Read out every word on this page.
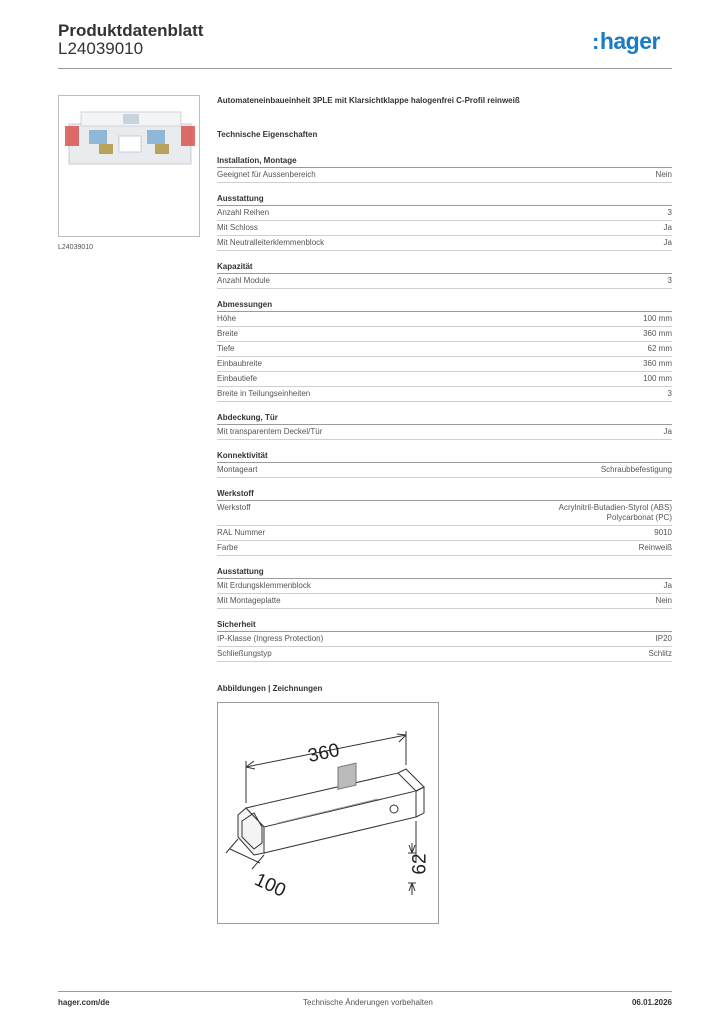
Produktdatenblatt
L24039010	:hager
L24039010
Automateneinbaueinheit 3PLE mit Klarsichtklappe halogenfrei C-Profil reinweiß
Technische Eigenschaften
Installation, Montage
Geeignet für Aussenbereich	Nein
Ausstattung
Anzahl Reihen	3
Mit Schloss	Ja
Mit Neutralleiterklemmenblock	Ja
Kapazität
Anzahl Module	3
Abmessungen
Höhe	100 mm
Breite	360 mm
Tiefe	62 mm
Einbaubreite	360 mm
Einbautiefe	100 mm
Breite in Teilungseinheiten	3
Abdeckung, Tür
Mit transparentem Deckel/Tür	Ja
Konnektivität
Montageart	Schraubbefestigung
Werkstoff
Werkstoff	Acrylnitril-Butadien-Styrol (ABS)
Polycarbonat (PC)
RAL Nummer	9010
Farbe	Reinweiß
Ausstattung
Mit Erdungsklemmenblock	Ja
Mit Montageplatte	Nein
Sicherheit
IP-Klasse (Ingress Protection)	IP20
Schließungstyp	Schlitz
Abbildungen | Zeichnungen
360
100
62
hager.com/de	Technische Änderungen vorbehalten	06.01.2026
